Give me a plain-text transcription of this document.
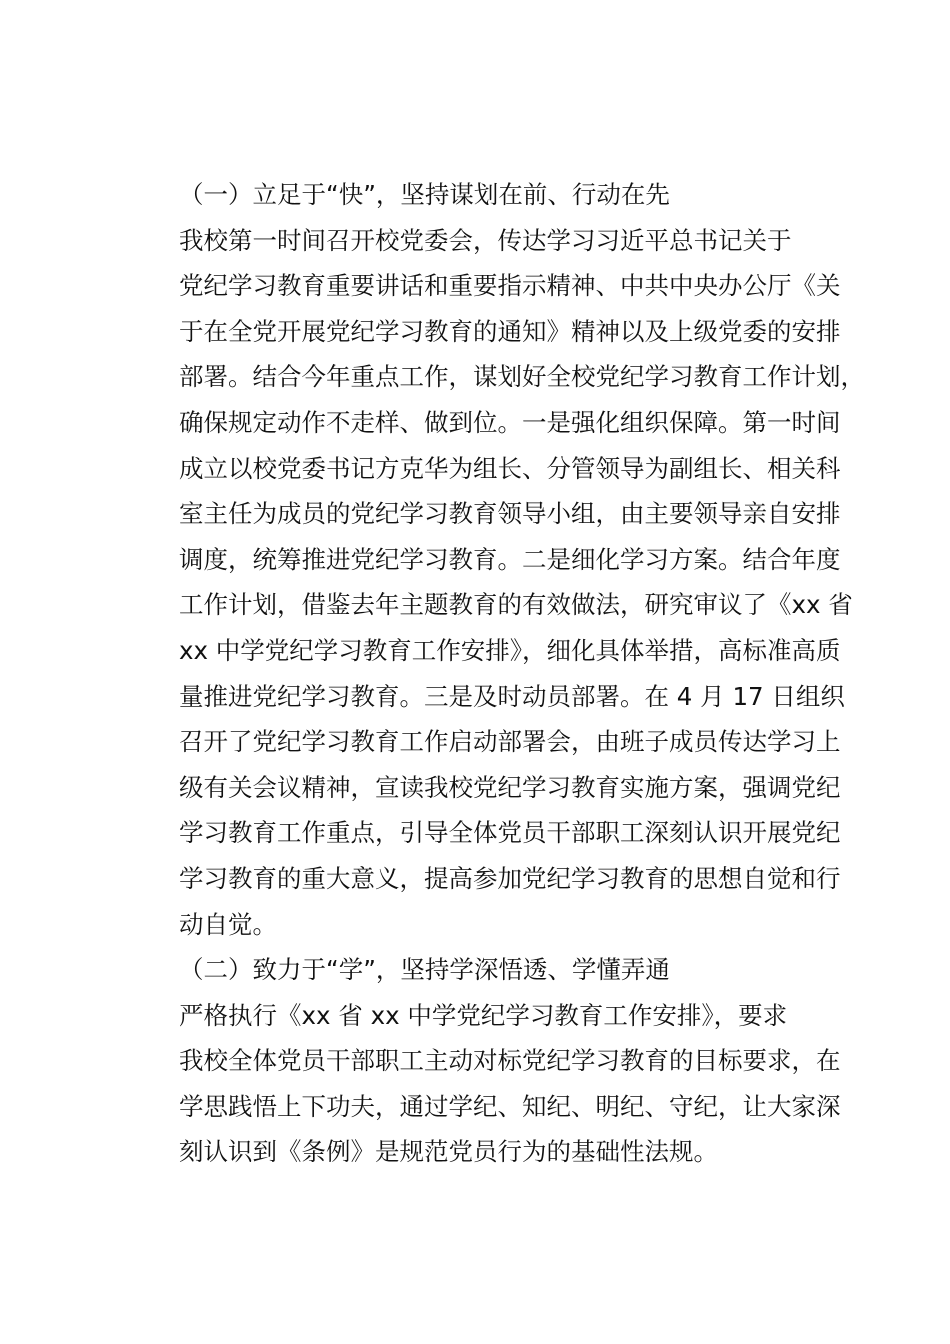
（一）立足于“快”，坚持谋划在前、行动在先

我校第一时间召开校党委会，传达学习习近平总书记关于
党纪学习教育重要讲话和重要指示精神、中共中央办公厅《关
于在全党开展党纪学习教育的通知》精神以及上级党委的安排
部署。结合今年重点工作，谋划好全校党纪学习教育工作计划，
确保规定动作不走样、做到位。一是强化组织保障。第一时间
成立以校党委书记方克华为组长、分管领导为副组长、相关科
室主任为成员的党纪学习教育领导小组，由主要领导亲自安排
调度，统筹推进党纪学习教育。二是细化学习方案。结合年度
工作计划，借鉴去年主题教育的有效做法，研究审议了《xx 省
xx 中学党纪学习教育工作安排》，细化具体举措，高标准高质
量推进党纪学习教育。三是及时动员部署。在 4 月 17 日组织
召开了党纪学习教育工作启动部署会，由班子成员传达学习上
级有关会议精神，宣读我校党纪学习教育实施方案，强调党纪
学习教育工作重点，引导全体党员干部职工深刻认识开展党纪
学习教育的重大意义，提高参加党纪学习教育的思想自觉和行
动自觉。

（二）致力于“学”，坚持学深悟透、学懂弄通

严格执行《xx 省 xx 中学党纪学习教育工作安排》，要求
我校全体党员干部职工主动对标党纪学习教育的目标要求，在
学思践悟上下功夫，通过学纪、知纪、明纪、守纪，让大家深
刻认识到《条例》是规范党员行为的基础性法规。
